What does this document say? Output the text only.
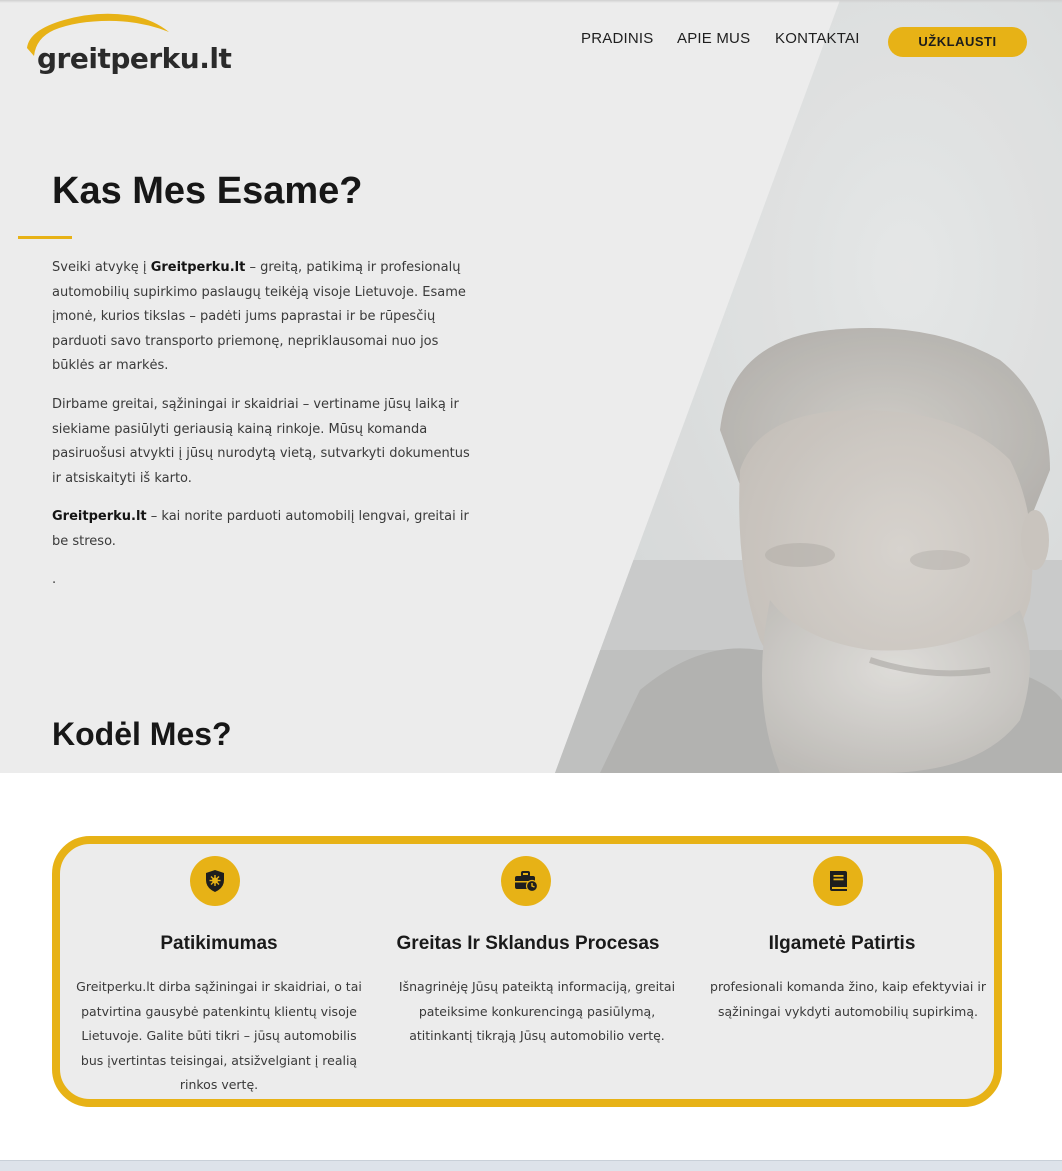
greitperku.lt
PRADINIS APIE MUS KONTAKTAI	UŽKLAUSTI
Kas Mes Esame?

Sveiki atvykę į Greitperku.lt – greitą, patikimą ir profesionalų automobilių supirkimo paslaugų teikėją visoje Lietuvoje. Esame įmonė, kurios tikslas – padėti jums paprastai ir be rūpesčių parduoti savo transporto priemonę, nepriklausomai nuo jos būklės ar markės.

Dirbame greitai, sąžiningai ir skaidriai – vertiname jūsų laiką ir siekiame pasiūlyti geriausią kainą rinkoje. Mūsų komanda pasiruošusi atvykti į jūsų nurodytą vietą, sutvarkyti dokumentus ir atsiskaityti iš karto.

Greitperku.lt – kai norite parduoti automobilį lengvai, greitai ir be streso.

.

Kodėl Mes?
Patikimumas
Greitperku.lt dirba sąžiningai ir skaidriai, o tai patvirtina gausybė patenkintų klientų visoje Lietuvoje. Galite būti tikri – jūsų automobilis bus įvertintas teisingai, atsižvelgiant į realią rinkos vertę.
Greitas Ir Sklandus Procesas
Išnagrinėję Jūsų pateiktą informaciją, greitai pateiksime konkurencingą pasiūlymą, atitinkantį tikrąją Jūsų automobilio vertę.
Ilgametė Patirtis
profesionali komanda žino, kaip efektyviai ir sąžiningai vykdyti automobilių supirkimą.
